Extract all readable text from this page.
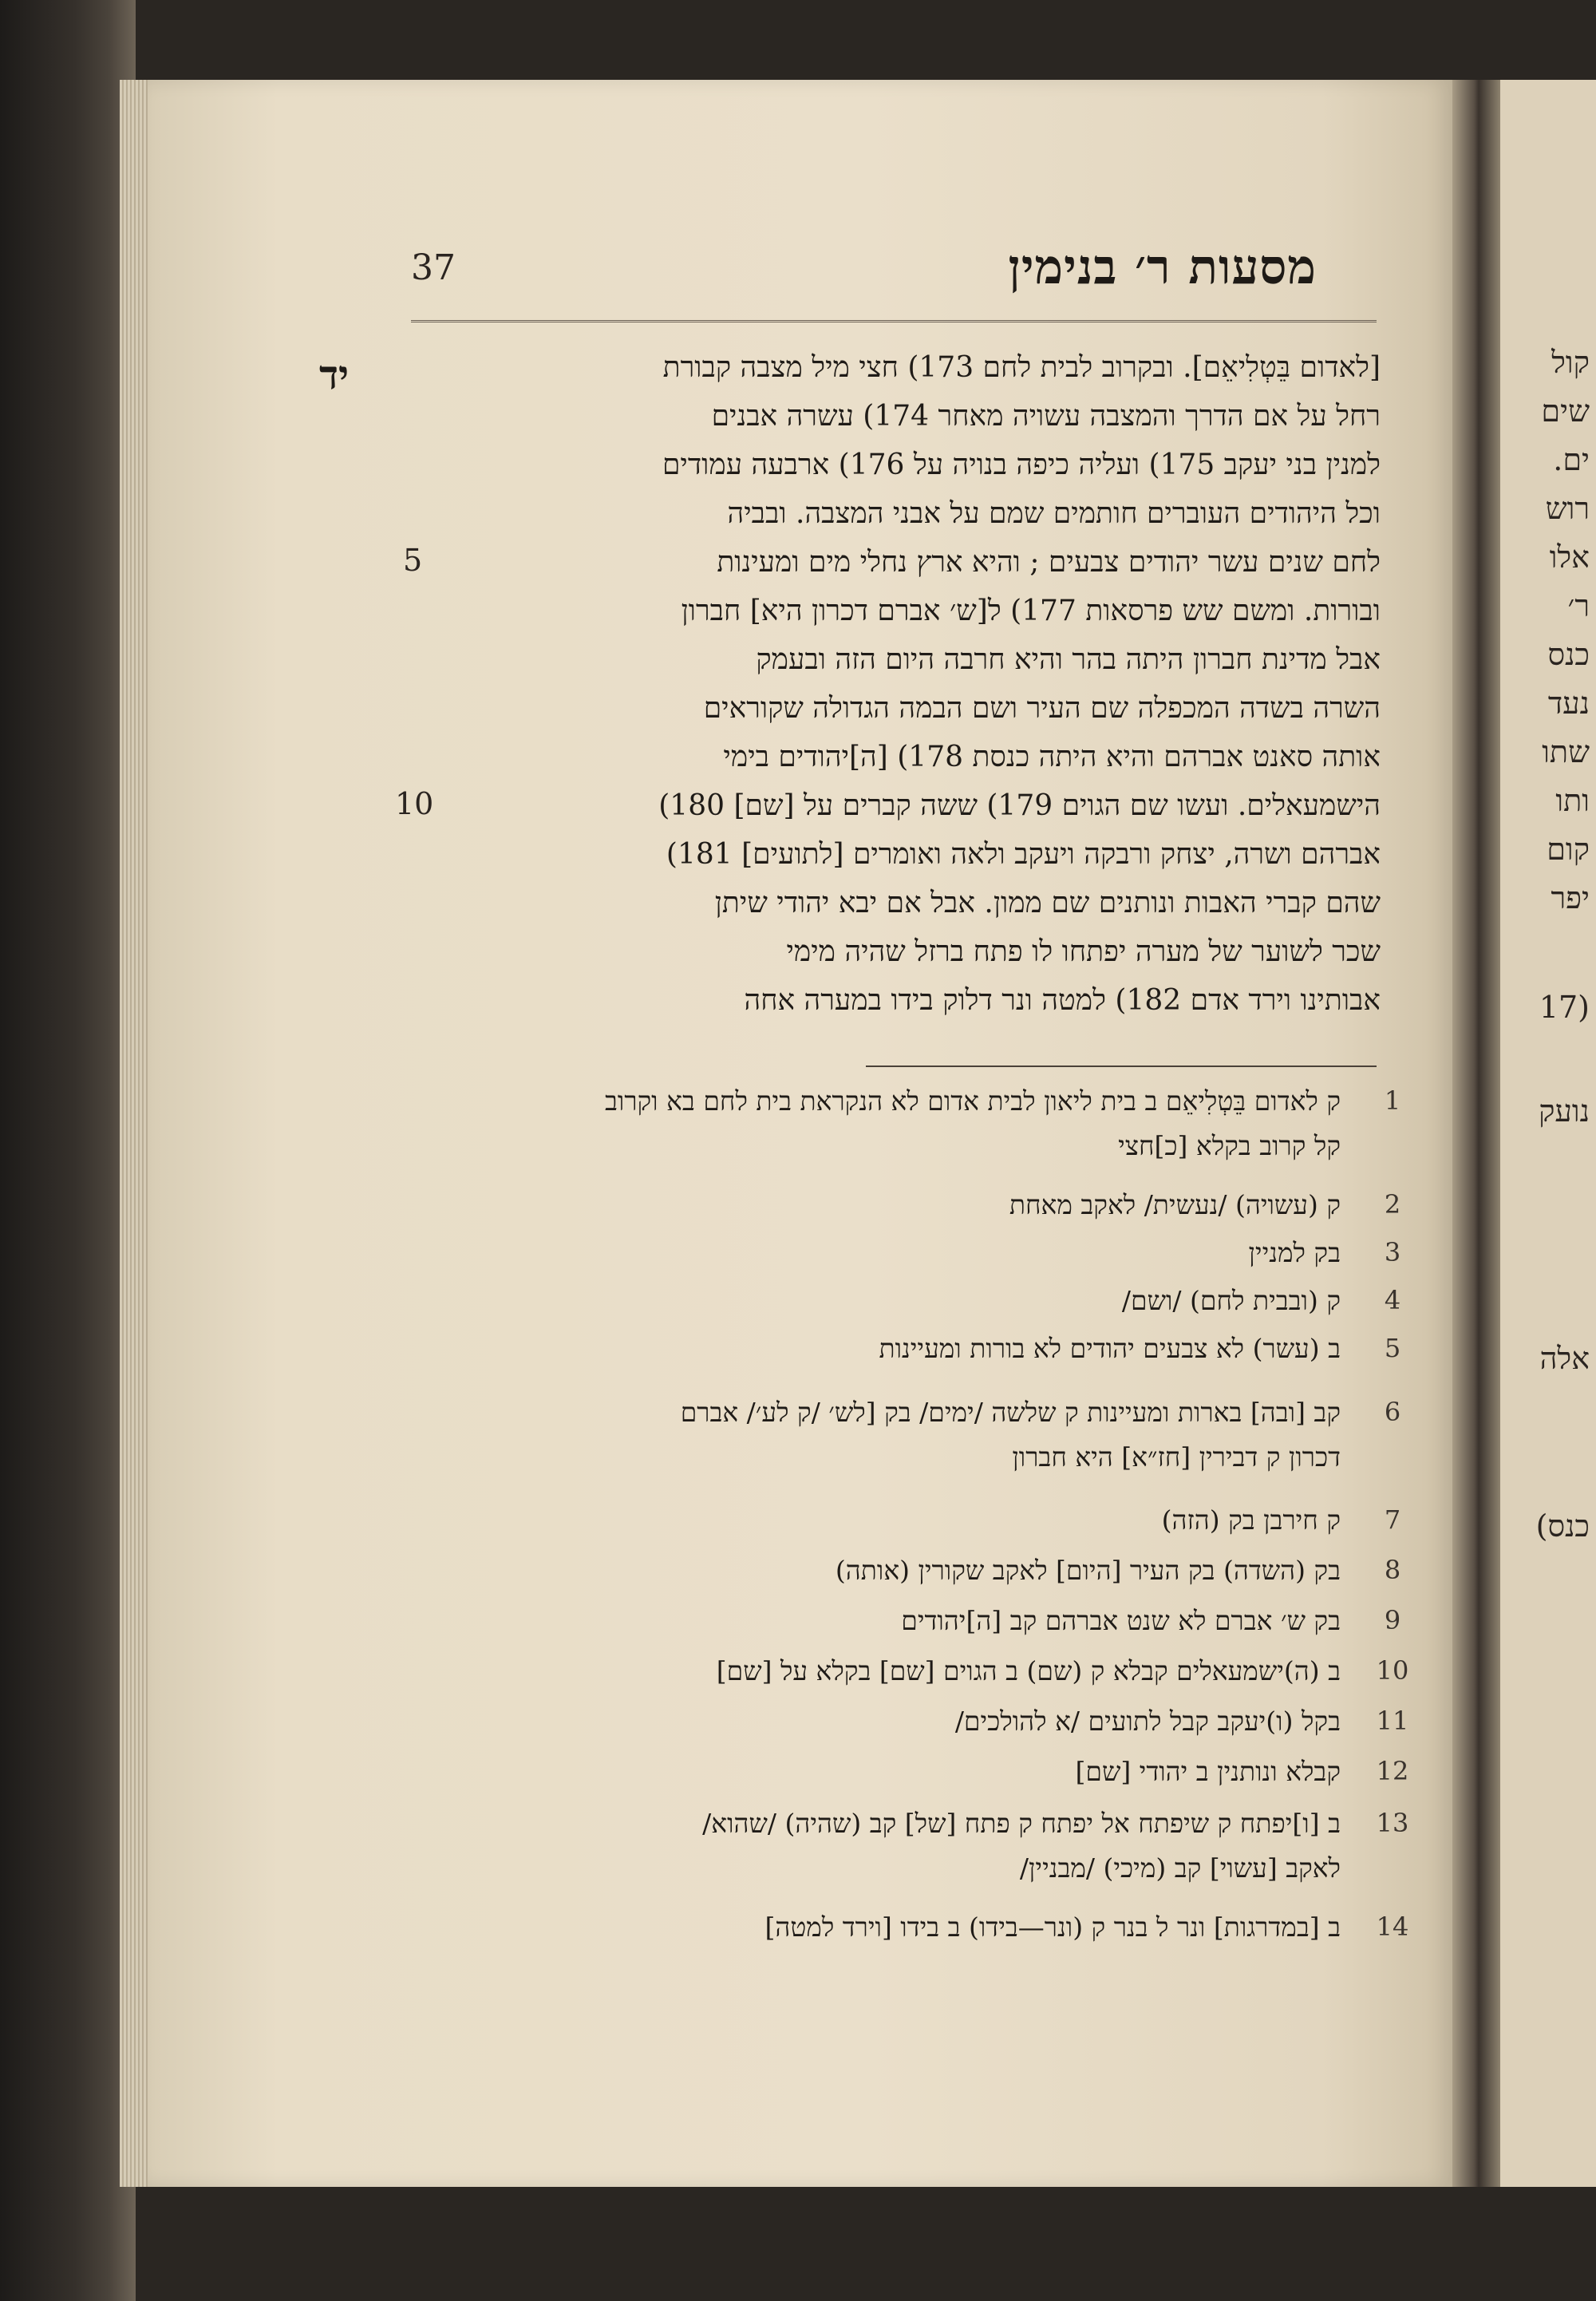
קול
שים
ים.
רוש
אלו
ר׳
כנס
נעד
שתו
ותו
קום
יפר
(17
נועק
אלה
כנס)
37	מסעות ר׳ בנימין
יד	[לאדום בֵּטְלִיאֵם]. ובקרוב לבית לחם 173) חצי מיל מצבה קבורת
רחל על אם הדרך והמצבה עשויה מאחר 174) עשרה אבנים
למנין בני יעקב 175) ועליה כיפה בנויה על 176) ארבעה עמודים
וכל היהודים העוברים חותמים שמם על אבני המצבה. ובביה
לחם שנים עשר יהודים צבעים ; והיא ארץ נחלי מים ומעינות
ובורות. ומשם שש פרסאות 177) ל[ש׳ אברם דכרון היא] חברון
אבל מדינת חברון היתה בהר והיא חרבה היום הזה ובעמק
השרה בשדה המכפלה שם העיר ושם הבמה הגדולה שקוראים
אותה סאנט אברהם והיא היתה כנסת 178) [ה]יהודים בימי
הישמעאלים. ועשו שם הגוים 179) ששה קברים על [שם] 180)
אברהם ושרה, יצחק ורבקה ויעקב ולאה ואומרים [לתועים] 181)
שהם קברי האבות ונותנים שם ממון. אבל אם יבא יהודי שיתן
שכר לשוער של מערה יפתחו לו פתח ברזל שהיה מימי
אבותינו וירד אדם 182) למטה ונר דלוק בידו במערה אחה
5
10
1
ק לאדום בֵּטְלִיאֵם ב בית ליאון לבית אדום לא הנקראת בית לחם בא וקרוב
קל קרוב בקלא [כ]חצי
2
ק (עשויה) /נעשית/ לאקב מאחת
3
בק למניין
4
ק (ובבית לחם) /ושם/
5
ב (עשר) לא צבעים יהודים לא בורות ומעיינות
6
קב [ובה] בארות ומעיינות ק שלשה /ימים/ בק [לש׳ /ק לע׳/ אברם
דכרון ק דבירין [חז״א] היא חברון
7
ק חירבן בק (הזה)
8
בק (השדה) בק העיר [היום] לאקב שקורין (אותה)
9
בק ש׳ אברם לא שנט אברהם קב [ה]יהודים
10
ב (ה)ישמעאלים קבלא ק (שם) ב הגוים [שם] בקלא על [שם]
11
בקל (ו)יעקב קבל לתועים /א להולכים/
12
קבלא ונותנין ב יהודי [שם]
13
ב [ו]יפתח ק שיפתח אל יפתח ק פתח [של] קב (שהיה) /שהוא/
לאקב [עשוי] קב (מיכי) /מבניין/
14
ב [במדרגות] ונר ל בנר ק (ונר—בידו) ב בידו [וירד למטה]
